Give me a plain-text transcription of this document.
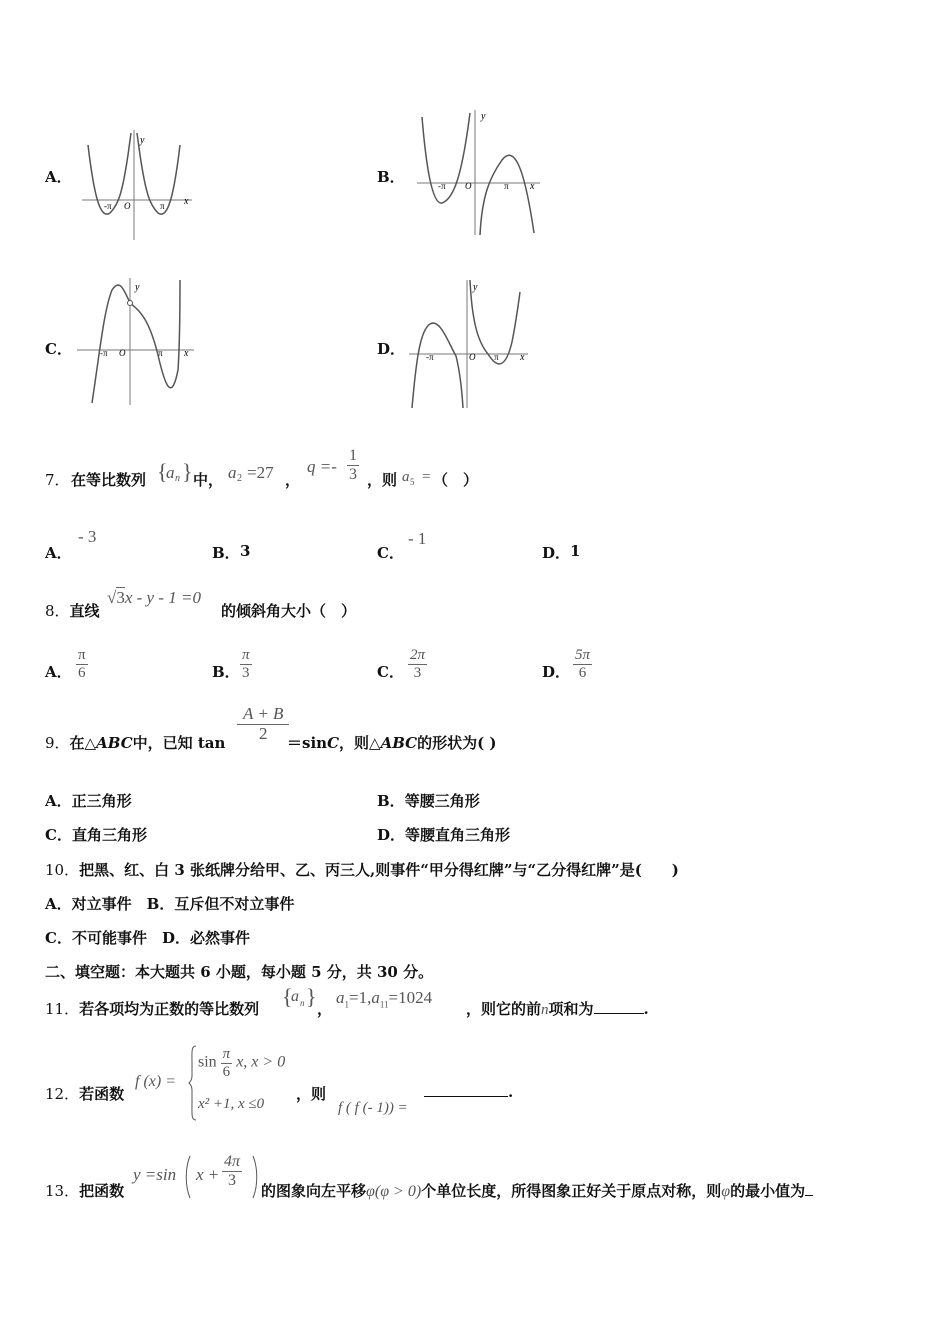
A．
y
x
O
-π	π
B．
y
x
O
-π	π
C．
y
x
O
-π	π	D．
y
x
O
-π	π
7． 在等比数列 {
a n } 中， a 2 =27 ，
$q =- \frac{1}{3}$ ，则 a 5 = （　）
A．
- 3
B． 3	C．
- 1
D． 1
8．直线
√3x - y - 1 =0
的倾斜角大小（　）
A． $\frac{\pi}{6}$	B． $\frac{\pi}{3}$	C． $\frac{2\pi}{3}$	D． $\frac{5\pi}{6}$
9．在△ABC中，已知 $\tan \frac{A + B}{2}$
＝sinC，则△ABC的形状为( )
A．正三角形	B．等腰三角形
C．直角三角形	D．等腰直角三角形
10．把黑、红、白 3 张纸牌分给甲、乙、丙三人,则事件“甲分得红牌”与“乙分得红牌”是(　　)
A．对立事件　B．互斥但不对立事件
C．不可能事件　D．必然事件
二、填空题：本大题共 6 小题，每小题 5 分，共 30 分。
11．若各项均为正数的等比数列 {
a n } ，
$a_1=1,a_{11}=1024$
，则它的前n项和为	.
12．若函数
f (x) =
$\sin \frac{\pi}{6} x$, x > 0
x² +1, x ≤0
，则
f ( f (- 1)) =
.
13．把函数
y =sin $x + \frac{4\pi}{3}$
的图象向左平移φ(φ > 0)个单位长度，所得图象正好关于原点对称，则φ的最小值为
